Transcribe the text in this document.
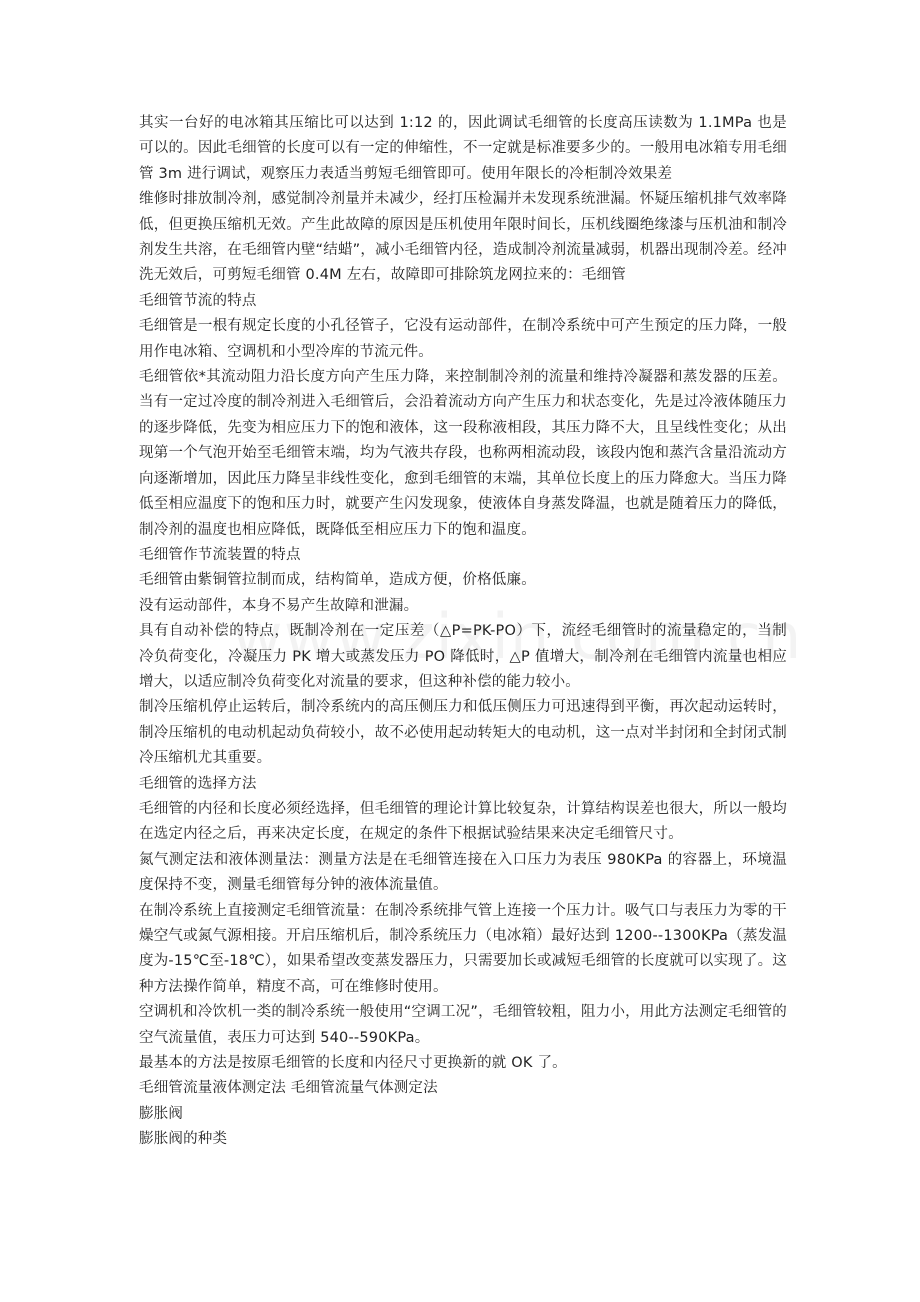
其实一台好的电冰箱其压缩比可以达到 1:12 的，因此调试毛细管的长度高压读数为 1.1MPa 也是可以的。因此毛细管的长度可以有一定的伸缩性，不一定就是标准要多少的。一般用电冰箱专用毛细管 3m 进行调试，观察压力表适当剪短毛细管即可。使用年限长的冷柜制冷效果差

维修时排放制冷剂，感觉制冷剂量并未减少，经打压检漏并未发现系统泄漏。怀疑压缩机排气效率降低，但更换压缩机无效。产生此故障的原因是压机使用年限时间长，压机线圈绝缘漆与压机油和制冷剂发生共溶，在毛细管内壁“结蜡”，减小毛细管内径，造成制冷剂流量减弱，机器出现制冷差。经冲洗无效后，可剪短毛细管 0.4M 左右，故障即可排除筑龙网拉来的：毛细管

毛细管节流的特点

毛细管是一根有规定长度的小孔径管子，它没有运动部件，在制冷系统中可产生预定的压力降，一般用作电冰箱、空调机和小型冷库的节流元件。

毛细管依*其流动阻力沿长度方向产生压力降，来控制制冷剂的流量和维持冷凝器和蒸发器的压差。当有一定过冷度的制冷剂进入毛细管后，会沿着流动方向产生压力和状态变化，先是过冷液体随压力的逐步降低，先变为相应压力下的饱和液体，这一段称液相段，其压力降不大，且呈线性变化；从出现第一个气泡开始至毛细管末端，均为气液共存段，也称两相流动段，该段内饱和蒸汽含量沿流动方向逐渐增加，因此压力降呈非线性变化，愈到毛细管的末端，其单位长度上的压力降愈大。当压力降低至相应温度下的饱和压力时，就要产生闪发现象，使液体自身蒸发降温，也就是随着压力的降低，制冷剂的温度也相应降低，既降低至相应压力下的饱和温度。

毛细管作节流装置的特点

毛细管由紫铜管拉制而成，结构简单，造成方便，价格低廉。

没有运动部件，本身不易产生故障和泄漏。

具有自动补偿的特点，既制冷剂在一定压差（△P=PK-PO）下，流经毛细管时的流量稳定的，当制冷负荷变化，冷凝压力 PK 增大或蒸发压力 PO 降低时，△P 值增大，制冷剂在毛细管内流量也相应增大，以适应制冷负荷变化对流量的要求，但这种补偿的能力较小。

制冷压缩机停止运转后，制冷系统内的高压侧压力和低压侧压力可迅速得到平衡，再次起动运转时，制冷压缩机的电动机起动负荷较小，故不必使用起动转矩大的电动机，这一点对半封闭和全封闭式制冷压缩机尤其重要。

毛细管的选择方法

毛细管的内径和长度必须经选择，但毛细管的理论计算比较复杂，计算结构误差也很大，所以一般均在选定内径之后，再来决定长度，在规定的条件下根据试验结果来决定毛细管尺寸。

氮气测定法和液体测量法：测量方法是在毛细管连接在入口压力为表压 980KPa 的容器上，环境温度保持不变，测量毛细管每分钟的液体流量值。

在制冷系统上直接测定毛细管流量：在制冷系统排气管上连接一个压力计。吸气口与表压力为零的干燥空气或氮气源相接。开启压缩机后，制冷系统压力（电冰箱）最好达到 1200--1300KPa（蒸发温度为-15℃至-18℃），如果希望改变蒸发器压力，只需要加长或减短毛细管的长度就可以实现了。这种方法操作简单，精度不高，可在维修时使用。

空调机和冷饮机一类的制冷系统一般使用“空调工况”，毛细管较粗，阻力小，用此方法测定毛细管的空气流量值，表压力可达到 540--590KPa。

最基本的方法是按原毛细管的长度和内径尺寸更换新的就 OK 了。

毛细管流量液体测定法 毛细管流量气体测定法

膨胀阀

膨胀阀的种类
